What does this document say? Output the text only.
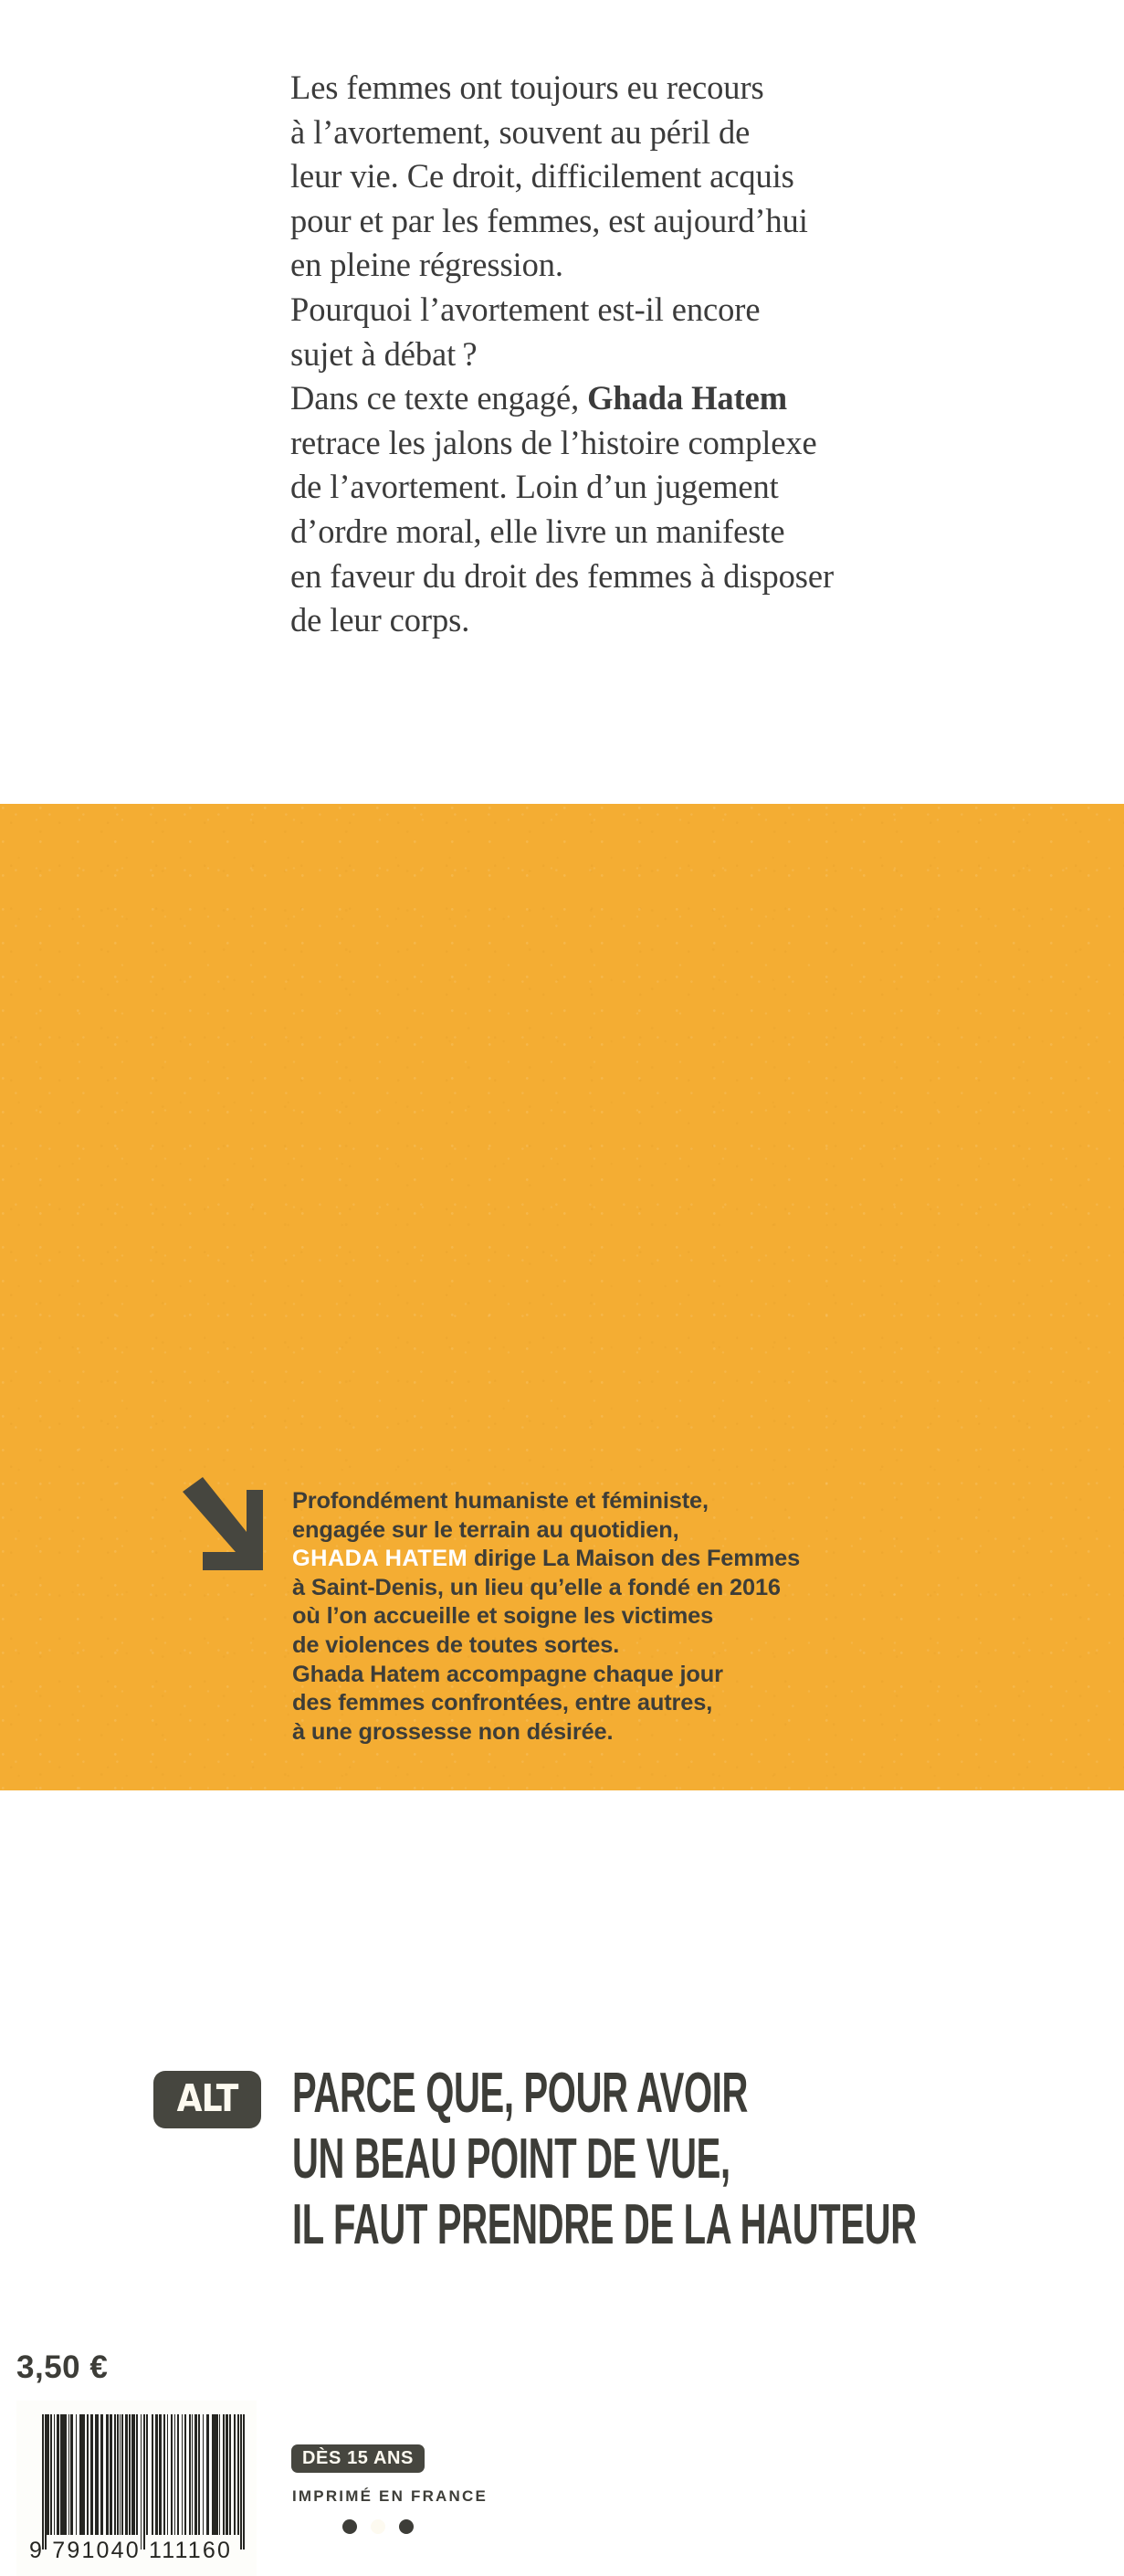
Les femmes ont toujours eu recours
à l’avortement, souvent au péril de
leur vie. Ce droit, difficilement acquis
pour et par les femmes, est aujourd’hui
en pleine régression.
Pourquoi l’avortement est-il encore
sujet à débat ?
Dans ce texte engagé, Ghada Hatem
retrace les jalons de l’histoire complexe
de l’avortement. Loin d’un jugement
d’ordre moral, elle livre un manifeste
en faveur du droit des femmes à disposer
de leur corps.
Profondément humaniste et féministe,
engagée sur le terrain au quotidien,
GHADA HATEM dirige La Maison des Femmes
à Saint-Denis, un lieu qu’elle a fondé en 2016
où l’on accueille et soigne les victimes
de violences de toutes sortes.
Ghada Hatem accompagne chaque jour
des femmes confrontées, entre autres,
à une grossesse non désirée.
ALT PARCE QUE, POUR AVOIR
UN BEAU POINT DE VUE,
IL FAUT PRENDRE DE LA HAUTEUR
3,50 €
9 791040 111160
DÈS 15 ANS
IMPRIMÉ EN FRANCE
